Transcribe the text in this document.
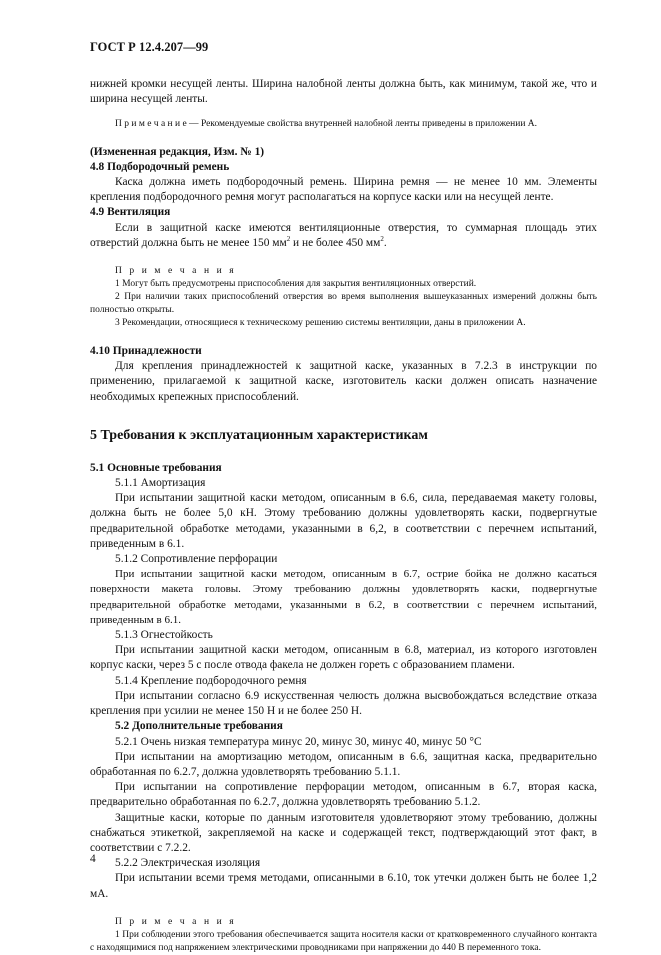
ГОСТ Р 12.4.207—99

нижней кромки несущей ленты. Ширина налобной ленты должна быть, как минимум, такой же, что и ширина несущей ленты.

П р и м е ч а н и е — Рекомендуемые свойства внутренней налобной ленты приведены в приложении А.

(Измененная редакция, Изм. № 1)

4.8 Подбородочный ремень

Каска должна иметь подбородочный ремень. Ширина ремня — не менее 10 мм. Элементы крепления подбородочного ремня могут располагаться на корпусе каски или на несущей ленте.

4.9 Вентиляция

Если в защитной каске имеются вентиляционные отверстия, то суммарная площадь этих отверстий должна быть не менее 150 $мм^2$ и не более 450 $мм^2$.

П р и м е ч а н и я

1 Могут быть предусмотрены приспособления для закрытия вентиляционных отверстий.

2 При наличии таких приспособлений отверстия во время выполнения вышеуказанных измерений должны быть полностью открыты.

3 Рекомендации, относящиеся к техническому решению системы вентиляции, даны в приложении А.

4.10 Принадлежности

Для крепления принадлежностей к защитной каске, указанных в 7.2.3 в инструкции по применению, прилагаемой к защитной каске, изготовитель каски должен описать назначение необходимых крепежных приспособлений.

5 Требования к эксплуатационным характеристикам

5.1 Основные требования

5.1.1 Амортизация

При испытании защитной каски методом, описанным в 6.6, сила, передаваемая макету головы, должна быть не более 5,0 кН. Этому требованию должны удовлетворять каски, подвергнутые предварительной обработке методами, указанными в 6,2, в соответствии с перечнем испытаний, приведенным в 6.1.

5.1.2 Сопротивление перфорации

При испытании защитной каски методом, описанным в 6.7, острие бойка не должно касаться поверхности макета головы. Этому требованию должны удовлетворять каски, подвергнутые предварительной обработке методами, указанными в 6.2, в соответствии с перечнем испытаний, приведенным в 6.1.

5.1.3 Огнестойкость

При испытании защитной каски методом, описанным в 6.8, материал, из которого изготовлен корпус каски, через 5 с после отвода факела не должен гореть с образованием пламени.

5.1.4 Крепление подбородочного ремня

При испытании согласно 6.9 искусственная челюсть должна высвобождаться вследствие отказа крепления при усилии не менее 150 Н и не более 250 Н.

5.2 Дополнительные требования

5.2.1 Очень низкая температура минус 20, минус 30, минус 40, минус 50 °С

При испытании на амортизацию методом, описанным в 6.6, защитная каска, предварительно обработанная по 6.2.7, должна удовлетворять требованию 5.1.1.

При испытании на сопротивление перфорации методом, описанным в 6.7, вторая каска, предварительно обработанная по 6.2.7, должна удовлетворять требованию 5.1.2.

Защитные каски, которые по данным изготовителя удовлетворяют этому требованию, должны снабжаться этикеткой, закрепляемой на каске и содержащей текст, подтверждающий этот факт, в соответствии с 7.2.2.

5.2.2 Электрическая изоляция

При испытании всеми тремя методами, описанными в 6.10, ток утечки должен быть не более 1,2 мА.

П р и м е ч а н и я

1 При соблюдении этого требования обеспечивается защита носителя каски от кратковременного случайного контакта с находящимися под напряжением электрическими проводниками при напряжении до 440 В переменного тока.

4
